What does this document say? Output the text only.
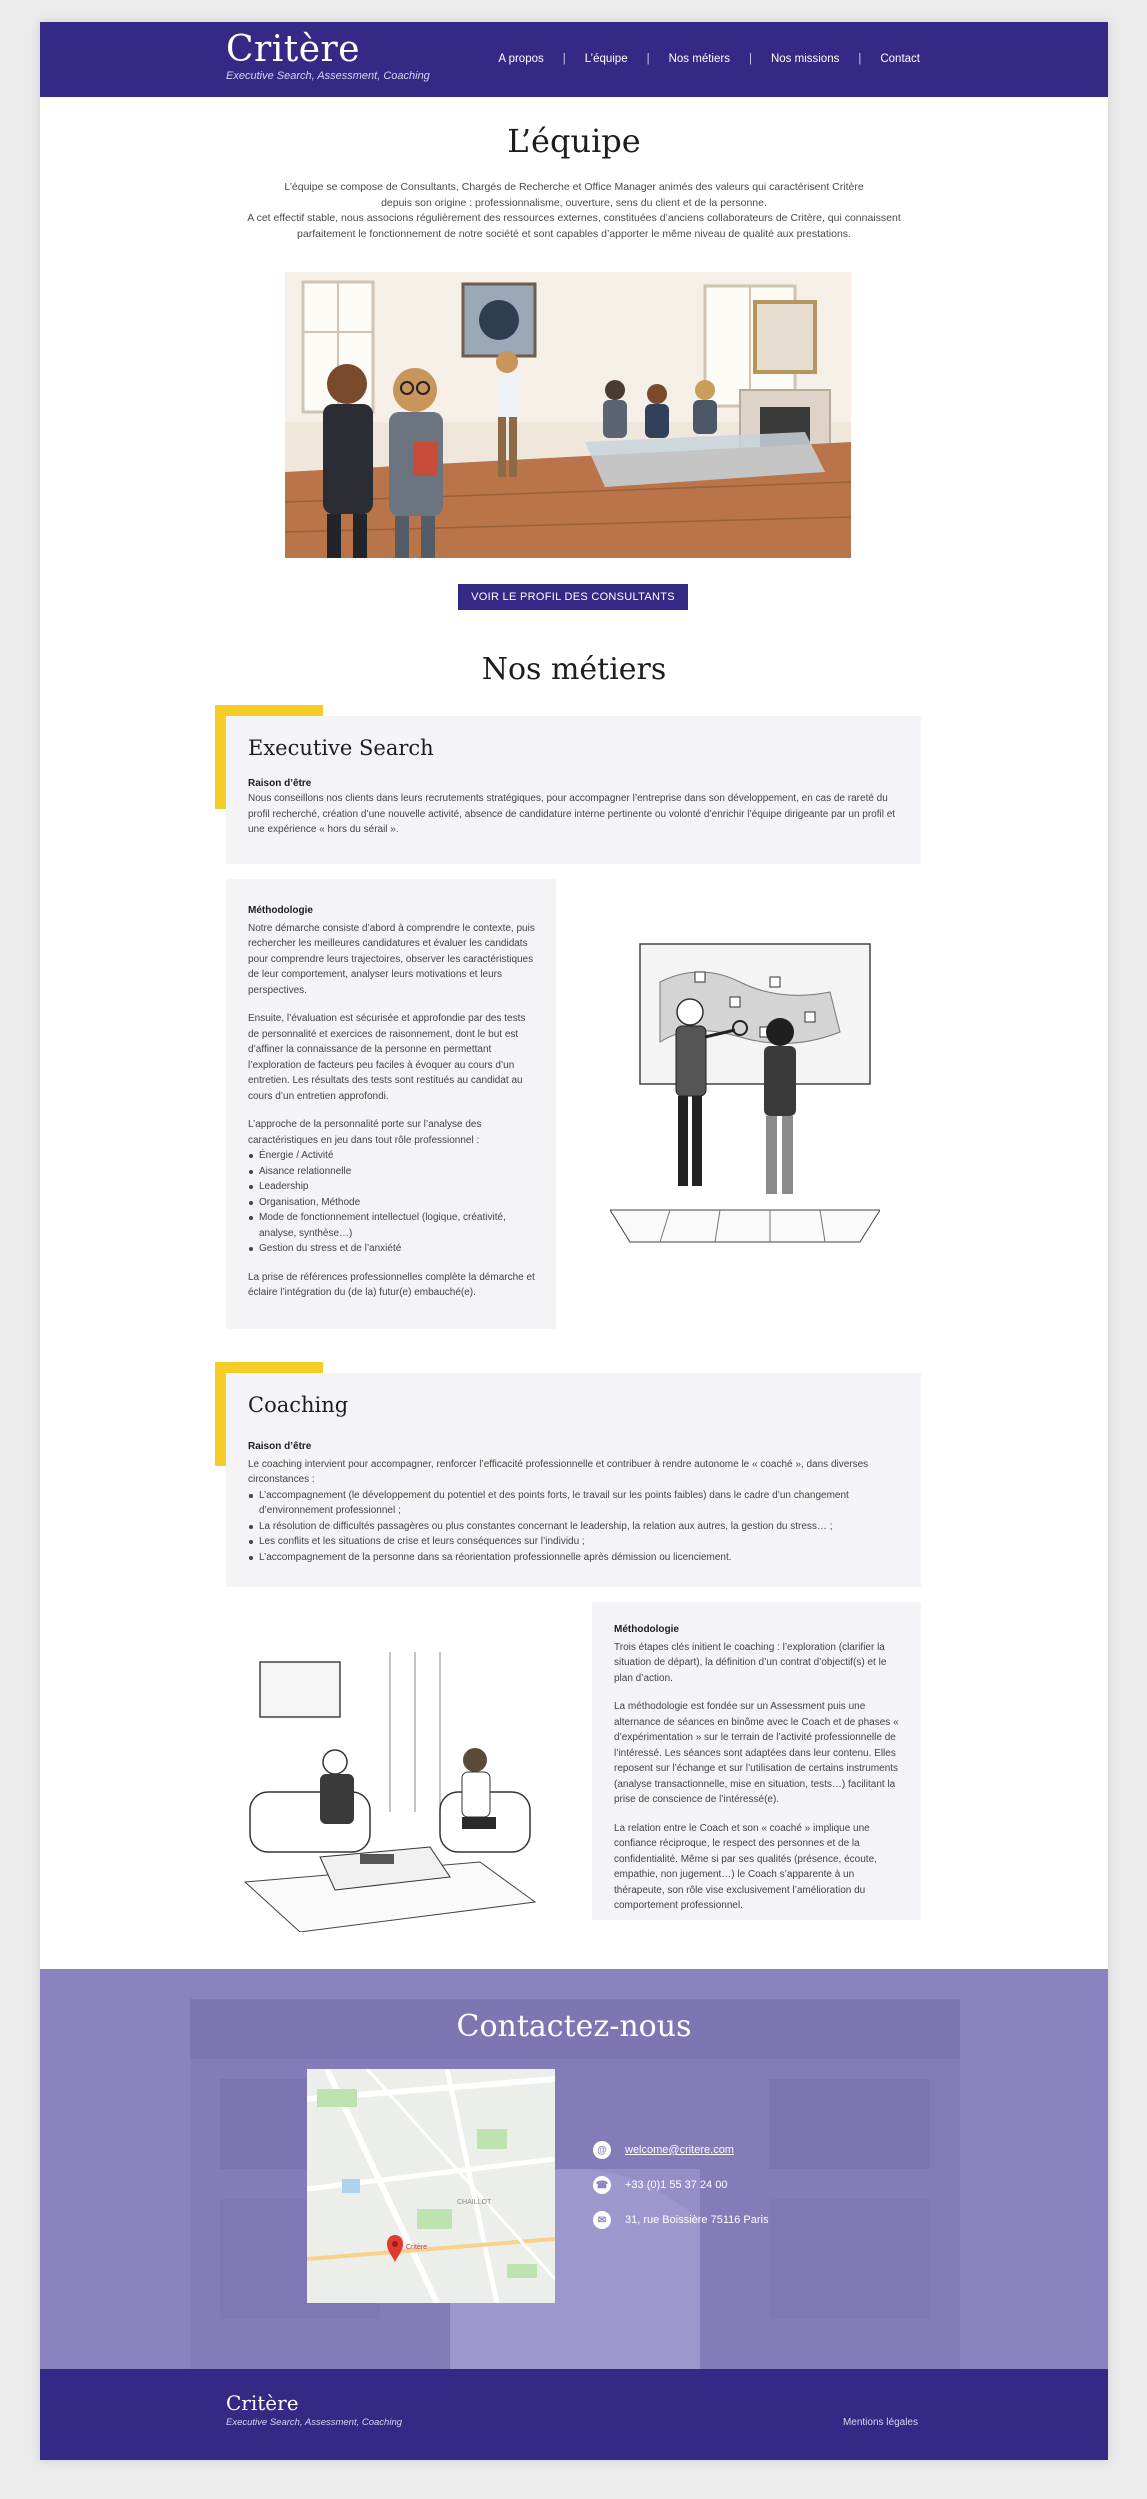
Critère
Executive Search, Assessment, Coaching
A propos | L’équipe | Nos métiers | Nos missions | Contact
L’équipe
L’équipe se compose de Consultants, Chargés de Recherche et Office Manager animés des valeurs qui caractérisent Critère
depuis son origine : professionnalisme, ouverture, sens du client et de la personne.
A cet effectif stable, nous associons régulièrement des ressources externes, constituées d’anciens collaborateurs de Critère, qui connaissent
parfaitement le fonctionnement de notre société et sont capables d’apporter le même niveau de qualité aux prestations.
VOIR LE PROFIL DES CONSULTANTS
Nos métiers
Executive Search
Raison d’être
Nous conseillons nos clients dans leurs recrutements stratégiques, pour accompagner l’entreprise dans son développement, en cas de rareté du profil recherché, création d’une nouvelle activité, absence de candidature interne pertinente ou volonté d’enrichir l’équipe dirigeante par un profil et une expérience « hors du sérail ».
Méthodologie
Notre démarche consiste d’abord à comprendre le contexte, puis rechercher les meilleures candidatures et évaluer les candidats pour comprendre leurs trajectoires, observer les caractéristiques de leur comportement, analyser leurs motivations et leurs perspectives.
Ensuite, l’évaluation est sécurisée et approfondie par des tests de personnalité et exercices de raisonnement, dont le but est d’affiner la connaissance de la personne en permettant l’exploration de facteurs peu faciles à évoquer au cours d’un entretien. Les résultats des tests sont restitués au candidat au cours d’un entretien approfondi.
L’approche de la personnalité porte sur l’analyse des caractéristiques en jeu dans tout rôle professionnel :
Énergie / Activité
Aisance relationnelle
Leadership
Organisation, Méthode
Mode de fonctionnement intellectuel (logique, créativité, analyse, synthèse…)
Gestion du stress et de l’anxiété
La prise de références professionnelles complète la démarche et éclaire l’intégration du (de la) futur(e) embauché(e).
Coaching
Raison d’être
Le coaching intervient pour accompagner, renforcer l’efficacité professionnelle et contribuer à rendre autonome le « coaché », dans diverses circonstances :
L’accompagnement (le développement du potentiel et des points forts, le travail sur les points faibles) dans le cadre d’un changement d’environnement professionnel ;
La résolution de difficultés passagères ou plus constantes concernant le leadership, la relation aux autres, la gestion du stress… ;
Les conflits et les situations de crise et leurs conséquences sur l’individu ;
L’accompagnement de la personne dans sa réorientation professionnelle après démission ou licenciement.
Méthodologie
Trois étapes clés initient le coaching : l’exploration (clarifier la situation de départ), la définition d’un contrat d’objectif(s) et le plan d’action.
La méthodologie est fondée sur un Assessment puis une alternance de séances en binôme avec le Coach et de phases « d’expérimentation » sur le terrain de l’activité professionnelle de l’intéressé. Les séances sont adaptées dans leur contenu. Elles reposent sur l’échange et sur l’utilisation de certains instruments (analyse transactionnelle, mise en situation, tests…) facilitant la prise de conscience de l’intéressé(e).
La relation entre le Coach et son « coaché » implique une confiance réciproque, le respect des personnes et de la confidentialité. Même si par ses qualités (présence, écoute, empathie, non jugement…) le Coach s’apparente à un thérapeute, son rôle vise exclusivement l’amélioration du comportement professionnel.
Contactez-nous
CHAILLOT
Critère
@	welcome@critere.com
☎ +33 (0)1 55 37 24 00
✉	31, rue Boissière 75116 Paris
Critère
Executive Search, Assessment, Coaching	Mentions légales
